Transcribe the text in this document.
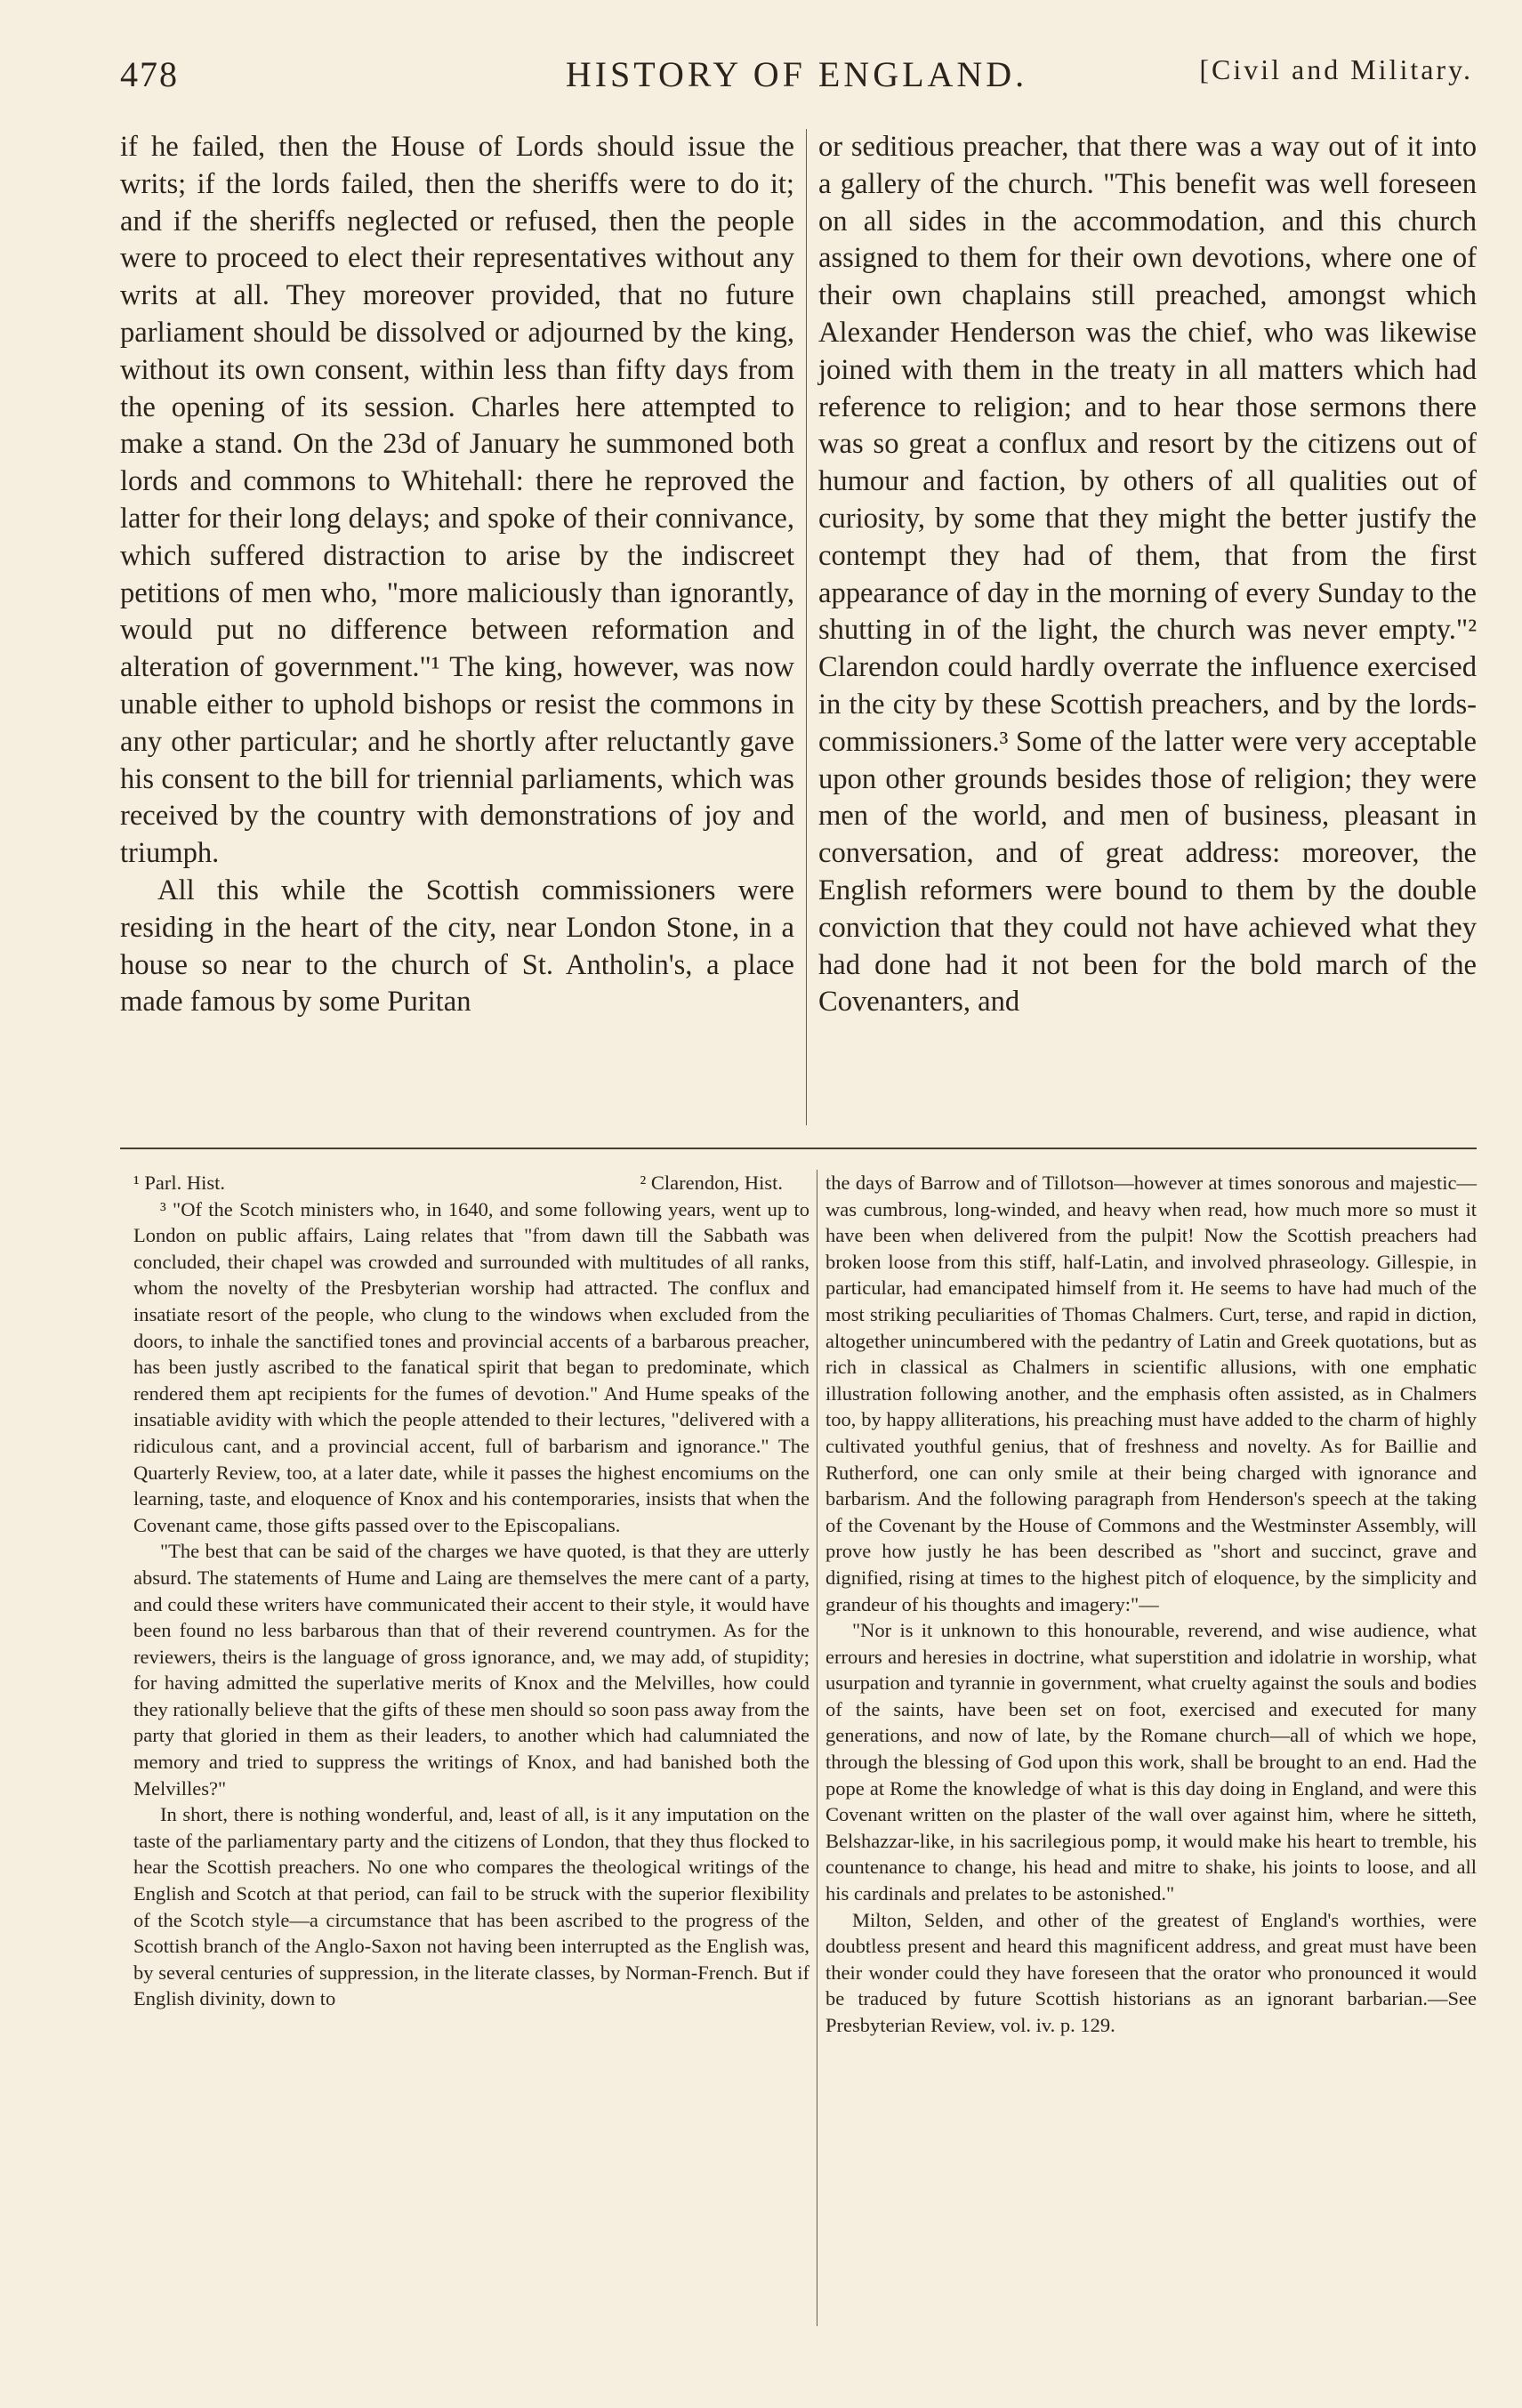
478	HISTORY OF ENGLAND.	[Civil and Military.

if he failed, then the House of Lords should issue the writs; if the lords failed, then the sheriffs were to do it; and if the sheriffs neglected or refused, then the people were to proceed to elect their representatives without any writs at all. They moreover provided, that no future parliament should be dissolved or adjourned by the king, without its own consent, within less than fifty days from the opening of its session. Charles here attempted to make a stand. On the 23d of January he summoned both lords and commons to Whitehall: there he reproved the latter for their long delays; and spoke of their connivance, which suffered distraction to arise by the indiscreet petitions of men who, "more maliciously than ignorantly, would put no difference between reformation and alteration of government."¹ The king, however, was now unable either to uphold bishops or resist the commons in any other particular; and he shortly after reluctantly gave his consent to the bill for triennial parliaments, which was received by the country with demonstrations of joy and triumph.

All this while the Scottish commissioners were residing in the heart of the city, near London Stone, in a house so near to the church of St. Antholin's, a place made famous by some Puritan

or seditious preacher, that there was a way out of it into a gallery of the church. "This benefit was well foreseen on all sides in the accommodation, and this church assigned to them for their own devotions, where one of their own chaplains still preached, amongst which Alexander Henderson was the chief, who was likewise joined with them in the treaty in all matters which had reference to religion; and to hear those sermons there was so great a conflux and resort by the citizens out of humour and faction, by others of all qualities out of curiosity, by some that they might the better justify the contempt they had of them, that from the first appearance of day in the morning of every Sunday to the shutting in of the light, the church was never empty."² Clarendon could hardly overrate the influence exercised in the city by these Scottish preachers, and by the lords-commissioners.³ Some of the latter were very acceptable upon other grounds besides those of religion; they were men of the world, and men of business, pleasant in conversation, and of great address: moreover, the English reformers were bound to them by the double conviction that they could not have achieved what they had done had it not been for the bold march of the Covenanters, and

¹ Parl. Hist.	² Clarendon, Hist.

³ "Of the Scotch ministers who, in 1640, and some following years, went up to London on public affairs, Laing relates that "from dawn till the Sabbath was concluded, their chapel was crowded and surrounded with multitudes of all ranks, whom the novelty of the Presbyterian worship had attracted. The conflux and insatiate resort of the people, who clung to the windows when excluded from the doors, to inhale the sanctified tones and provincial accents of a barbarous preacher, has been justly ascribed to the fanatical spirit that began to predominate, which rendered them apt recipients for the fumes of devotion." And Hume speaks of the insatiable avidity with which the people attended to their lectures, "delivered with a ridiculous cant, and a provincial accent, full of barbarism and ignorance." The Quarterly Review, too, at a later date, while it passes the highest encomiums on the learning, taste, and eloquence of Knox and his contemporaries, insists that when the Covenant came, those gifts passed over to the Episcopalians.

"The best that can be said of the charges we have quoted, is that they are utterly absurd. The statements of Hume and Laing are themselves the mere cant of a party, and could these writers have communicated their accent to their style, it would have been found no less barbarous than that of their reverend countrymen. As for the reviewers, theirs is the language of gross ignorance, and, we may add, of stupidity; for having admitted the superlative merits of Knox and the Melvilles, how could they rationally believe that the gifts of these men should so soon pass away from the party that gloried in them as their leaders, to another which had calumniated the memory and tried to suppress the writings of Knox, and had banished both the Melvilles?"

In short, there is nothing wonderful, and, least of all, is it any imputation on the taste of the parliamentary party and the citizens of London, that they thus flocked to hear the Scottish preachers. No one who compares the theological writings of the English and Scotch at that period, can fail to be struck with the superior flexibility of the Scotch style—a circumstance that has been ascribed to the progress of the Scottish branch of the Anglo-Saxon not having been interrupted as the English was, by several centuries of suppression, in the literate classes, by Norman-French. But if English divinity, down to

the days of Barrow and of Tillotson—however at times sonorous and majestic—was cumbrous, long-winded, and heavy when read, how much more so must it have been when delivered from the pulpit! Now the Scottish preachers had broken loose from this stiff, half-Latin, and involved phraseology. Gillespie, in particular, had emancipated himself from it. He seems to have had much of the most striking peculiarities of Thomas Chalmers. Curt, terse, and rapid in diction, altogether unincumbered with the pedantry of Latin and Greek quotations, but as rich in classical as Chalmers in scientific allusions, with one emphatic illustration following another, and the emphasis often assisted, as in Chalmers too, by happy alliterations, his preaching must have added to the charm of highly cultivated youthful genius, that of freshness and novelty. As for Baillie and Rutherford, one can only smile at their being charged with ignorance and barbarism. And the following paragraph from Henderson's speech at the taking of the Covenant by the House of Commons and the Westminster Assembly, will prove how justly he has been described as "short and succinct, grave and dignified, rising at times to the highest pitch of eloquence, by the simplicity and grandeur of his thoughts and imagery:"—

"Nor is it unknown to this honourable, reverend, and wise audience, what errours and heresies in doctrine, what superstition and idolatrie in worship, what usurpation and tyrannie in government, what cruelty against the souls and bodies of the saints, have been set on foot, exercised and executed for many generations, and now of late, by the Romane church—all of which we hope, through the blessing of God upon this work, shall be brought to an end. Had the pope at Rome the knowledge of what is this day doing in England, and were this Covenant written on the plaster of the wall over against him, where he sitteth, Belshazzar-like, in his sacrilegious pomp, it would make his heart to tremble, his countenance to change, his head and mitre to shake, his joints to loose, and all his cardinals and prelates to be astonished."

Milton, Selden, and other of the greatest of England's worthies, were doubtless present and heard this magnificent address, and great must have been their wonder could they have foreseen that the orator who pronounced it would be traduced by future Scottish historians as an ignorant barbarian.—See Presbyterian Review, vol. iv. p. 129.
